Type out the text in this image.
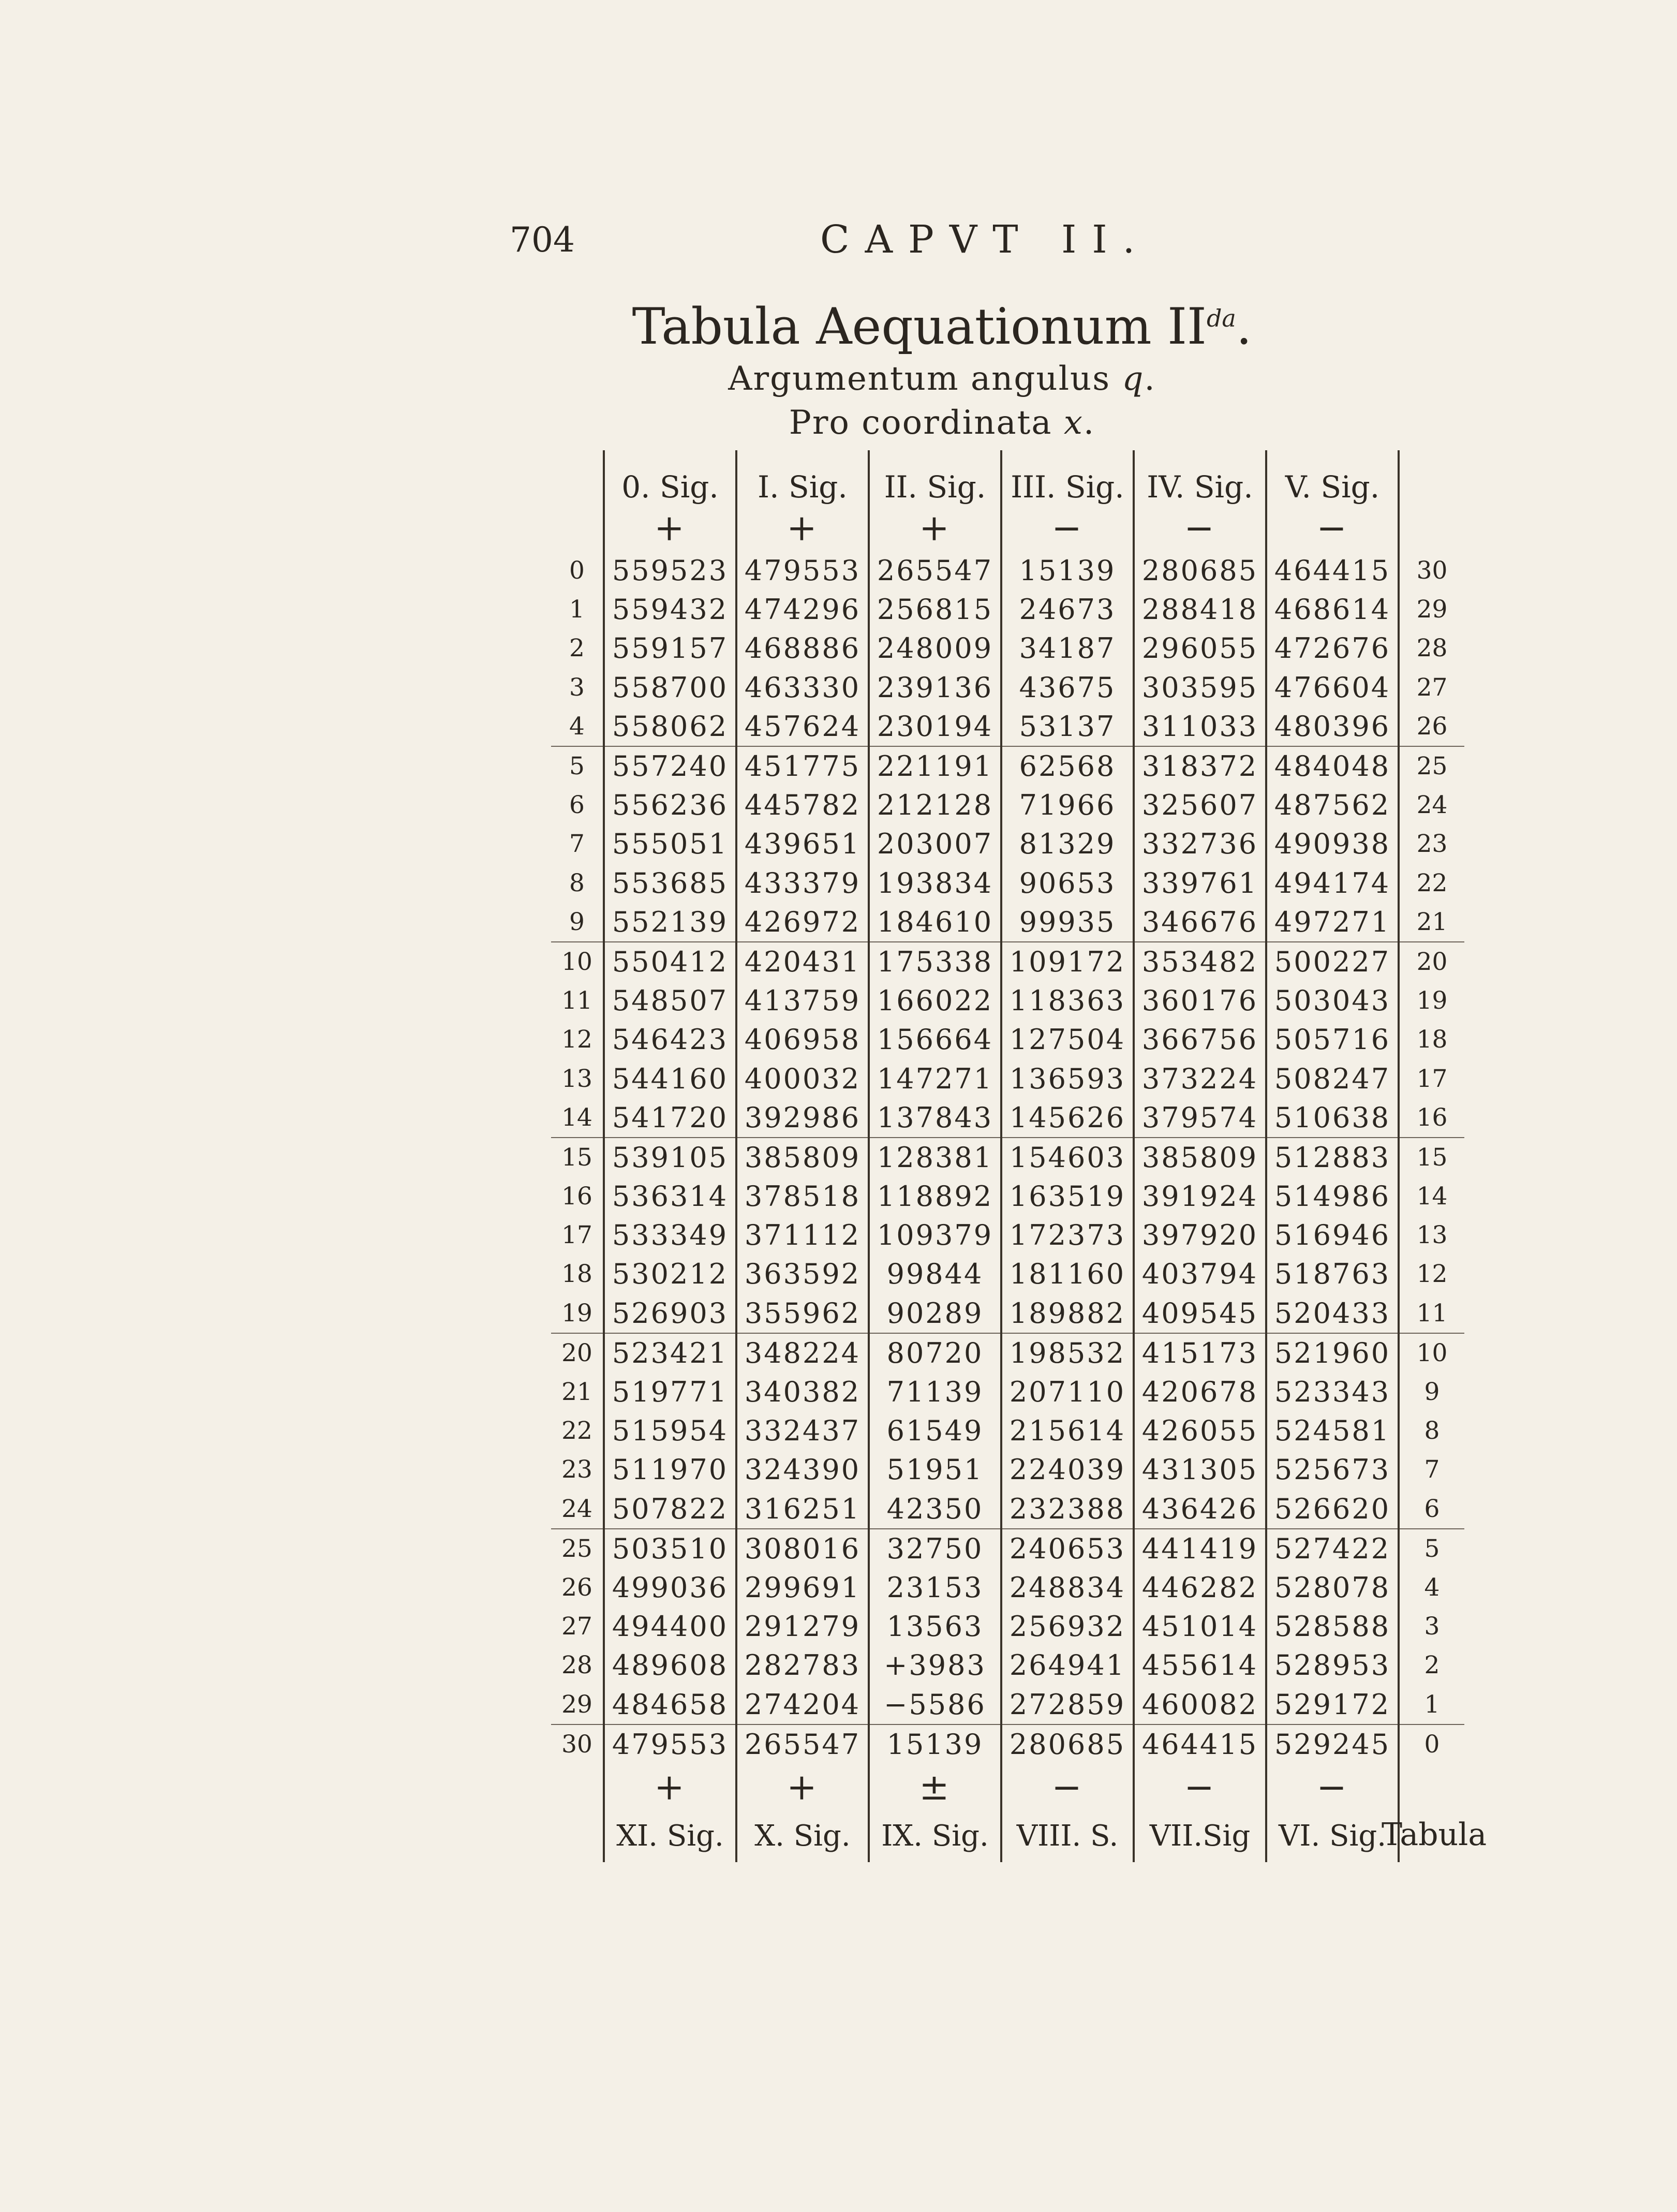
704	CAPVT II.
Tabula Aequationum $II^{da}$.
Argumentum angulus q.
Pro coordinata x.
	0. Sig.	I. Sig.	II. Sig.	III. Sig.	IV. Sig.	V. Sig.	
	+	+	+	−	−	−	
0	559523	479553	265547	15139	280685	464415	30
1	559432	474296	256815	24673	288418	468614	29
2	559157	468886	248009	34187	296055	472676	28
3	558700	463330	239136	43675	303595	476604	27
4	558062	457624	230194	53137	311033	480396	26
5	557240	451775	221191	62568	318372	484048	25
6	556236	445782	212128	71966	325607	487562	24
7	555051	439651	203007	81329	332736	490938	23
8	553685	433379	193834	90653	339761	494174	22
9	552139	426972	184610	99935	346676	497271	21
10	550412	420431	175338	109172	353482	500227	20
11	548507	413759	166022	118363	360176	503043	19
12	546423	406958	156664	127504	366756	505716	18
13	544160	400032	147271	136593	373224	508247	17
14	541720	392986	137843	145626	379574	510638	16
15	539105	385809	128381	154603	385809	512883	15
16	536314	378518	118892	163519	391924	514986	14
17	533349	371112	109379	172373	397920	516946	13
18	530212	363592	99844	181160	403794	518763	12
19	526903	355962	90289	189882	409545	520433	11
20	523421	348224	80720	198532	415173	521960	10
21	519771	340382	71139	207110	420678	523343	9
22	515954	332437	61549	215614	426055	524581	8
23	511970	324390	51951	224039	431305	525673	7
24	507822	316251	42350	232388	436426	526620	6
25	503510	308016	32750	240653	441419	527422	5
26	499036	299691	23153	248834	446282	528078	4
27	494400	291279	13563	256932	451014	528588	3
28	489608	282783	+3983	264941	455614	528953	2
29	484658	274204	−5586	272859	460082	529172	1
30	479553	265547	15139	280685	464415	529245	0
	+	+	±	−	−	−	
	XI. Sig.	X. Sig.	IX. Sig.	VIII. S.	VII.Sig	VI. Sig.	
Tabula
